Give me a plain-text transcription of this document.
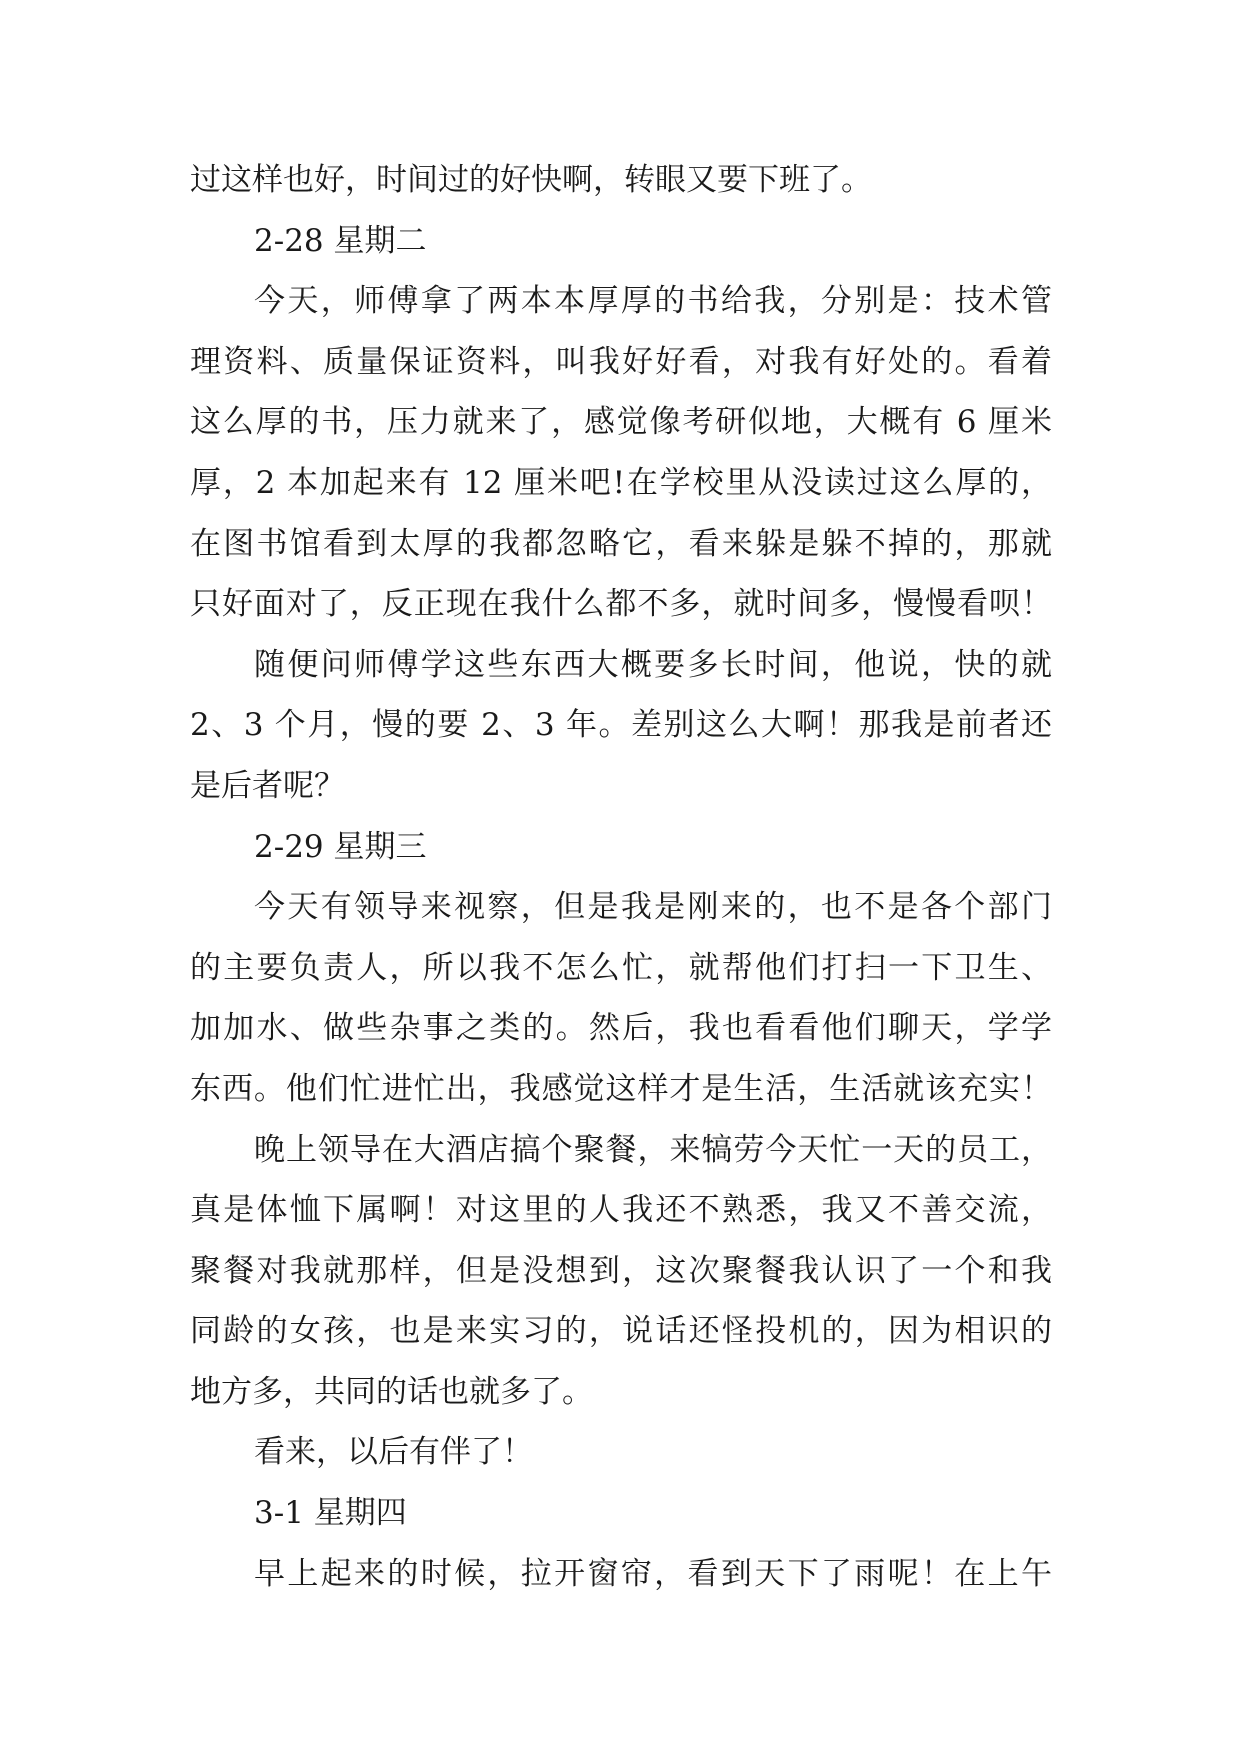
过这样也好，时间过的好快啊，转眼又要下班了。
2-28 星期二
今天，师傅拿了两本本厚厚的书给我，分别是：技术管
理资料、质量保证资料，叫我好好看，对我有好处的。看着
这么厚的书，压力就来了，感觉像考研似地，大概有 6 厘米
厚，2 本加起来有 12 厘米吧!在学校里从没读过这么厚的，
在图书馆看到太厚的我都忽略它，看来躲是躲不掉的，那就
只好面对了，反正现在我什么都不多，就时间多，慢慢看呗！
随便问师傅学这些东西大概要多长时间，他说，快的就
2、3 个月，慢的要 2、3 年。差别这么大啊！那我是前者还
是后者呢？
2-29 星期三
今天有领导来视察，但是我是刚来的，也不是各个部门
的主要负责人，所以我不怎么忙，就帮他们打扫一下卫生、
加加水、做些杂事之类的。然后，我也看看他们聊天，学学
东西。他们忙进忙出，我感觉这样才是生活，生活就该充实！
晚上领导在大酒店搞个聚餐，来犒劳今天忙一天的员工，
真是体恤下属啊！对这里的人我还不熟悉，我又不善交流，
聚餐对我就那样，但是没想到，这次聚餐我认识了一个和我
同龄的女孩，也是来实习的，说话还怪投机的，因为相识的
地方多，共同的话也就多了。
看来，以后有伴了！
3-1 星期四
早上起来的时候，拉开窗帘，看到天下了雨呢！在上午
